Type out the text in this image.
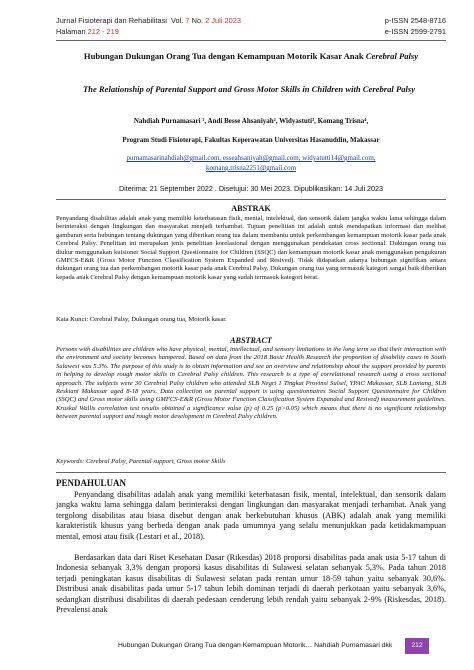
Jurnal Fisioterapi dan Rehabilitasi Vol. 7 No. 2 Juli 2023
Halaman 212 - 219
p-ISSN 2548-8716
e-ISSN 2599-2791
Hubungan Dukungan Orang Tua dengan Kemampuan Motorik Kasar Anak Cerebral Palsy
The Relationship of Parental Support and Gross Motor Skills in Children with Cerebral Palsy
Nahdiah Purnamasari ¹, Andi Besse Ahsaniyah², Widyastuti³, Komang Trisna⁴,
Program Studi Fisioterapi, Fakultas Keperawatan Universitas Hasanuddin, Makassar
purnamasarinahdiah@gmail.com, esseahsaniyah@gmail.com, widyatutti14@gmail.com,
komang.trisna2251@gmail.com
Diterima: 21 September 2022 . Disetujui: 30 Mei 2023. Dipublikasikan: 14 Juli 2023
ABSTRAK

Penyandang disabilitas adalah anak yang memiliki keterbatasan fisik, mental, intelektual, dan sensorik dalam jangka waktu lama sehingga dalam berinteraksi dengan lingkungan dan masyarakat menjadi terhambat. Tujuan penelitian ini adalah untuk mendapatkan informasi dan melihat gambaran serta hubungan tentang dukungan yang diberikan orang tua dalam membantu untuk perkembangan kemampuan motorik kasar pada anak Cerebral Palsy. Penelitian ini merupakan jenis penelitian korelasional dengan menggunakan pendekatan cross sectional. Dukungan orang tua diukur menggunakan kuisioner Social Support Questionnaire for Children (SSQC) dan kemampuan motorik kasar anak menggunakan pengukuran GMFCS-E&R (Gross Motor Function Classification System Expanded and Resived). Tidak didapatkan adanya hubungan signifikan antara dukungan orang tua dan perkembangan motorik kasar pada anak Cerebral Palsy. Dukungan orang tua yang termasuk kategori sangat baik diberikan kepada anak Cerebral Palsy dengan kemampuan motorik kasar yang sudah termasuk kategori berat.

Kata Kunci: Cerebral Palsy, Dukungan orang tua, Motorik kasar.
ABSTRACT

Persons with disabilities are children who have physical, mental, intellectual, and sensory limitations in the long term so that their interaction with the environment and society becomes hampered. Based on data from the 2018 Basic Health Research the proportion of disability cases in South Sulawesi was 5.3%. The purpose of this study is to obtain information and see an overview and relationship about the support provided by parents in helping to develop rough motor skills in Cerebral Palsy children. This research is a type of correlational research using a cross sectional approach. The subjects were 30 Cerebral Palsy children who attended SLB Negri 1 Tingkat Provinsi Sulsel, YPAC Makassar, SLB Laniang, SLB Reskiani Makassar aged 8-18 years. Data collection on parental support is using questionnaires Social Support Questionnaire for Children (SSQC) and Gross motor skills using GMFCS-E&R (Gross Motor Function Classification System Expanded and Resived) measurement guidelines. Kruskal Wallis correlation test results obtained a significance value (p) of 0.25 (p>0.05) which means that there is no significant relationship between parental support and rough motor development in Cerebral Palsy children.

Keywords: Cerebral Palsy, Parental support, Gross motor Skills
PENDAHULUAN

Penyandang disabilitas adalah anak yang memiliki keterbatasan fisik, mental, intelektual, dan sensorik dalam jangka waktu lama sehingga dalam berinteraksi dengan lingkungan dan masyarakat menjadi terhambat. Anak yang tergolong disabilitas atau biasa disebut dengan anak berkebutuhan khusus (ABK) adalah anak yang memiliki karakteristik khusus yang berbeda dengan anak pada umumnya yang selalu menunjukkan pada ketidakmampuan mental, emosi atau fisik (Lestari et al., 2018).

Berdasarkan data dari Riset Kesehatan Dasar (Rikesdas) 2018 proporsi disabilitas pada anak usia 5-17 tahun di Indonesia sebanyak 3,3% dengan proporsi kasus disabilitas di Sulawesi selatan sebanyak 5,3%. Pada tahun 2018 terjadi peningkatan kasus disabilitas di Sulawesi selatan pada rentan umur 18-59 tahun yaitu sebanyak 30,6%. Distribusi anak disabilitas pada umur 5-17 tahun lebih dominan terjadi di daerah perkotaan yaitu sebanyak 3,6%, sedangkan distribusi disabilitas di daerah pedesaan cenderung lebih rendah yaitu sebanyak 2-9% (Riskesdas, 2018). Prevalensi anak

Hubungan Dukungan Orang Tua dengan Kemampuan Motorik… Nahdiah Purnamasari dkk	212
